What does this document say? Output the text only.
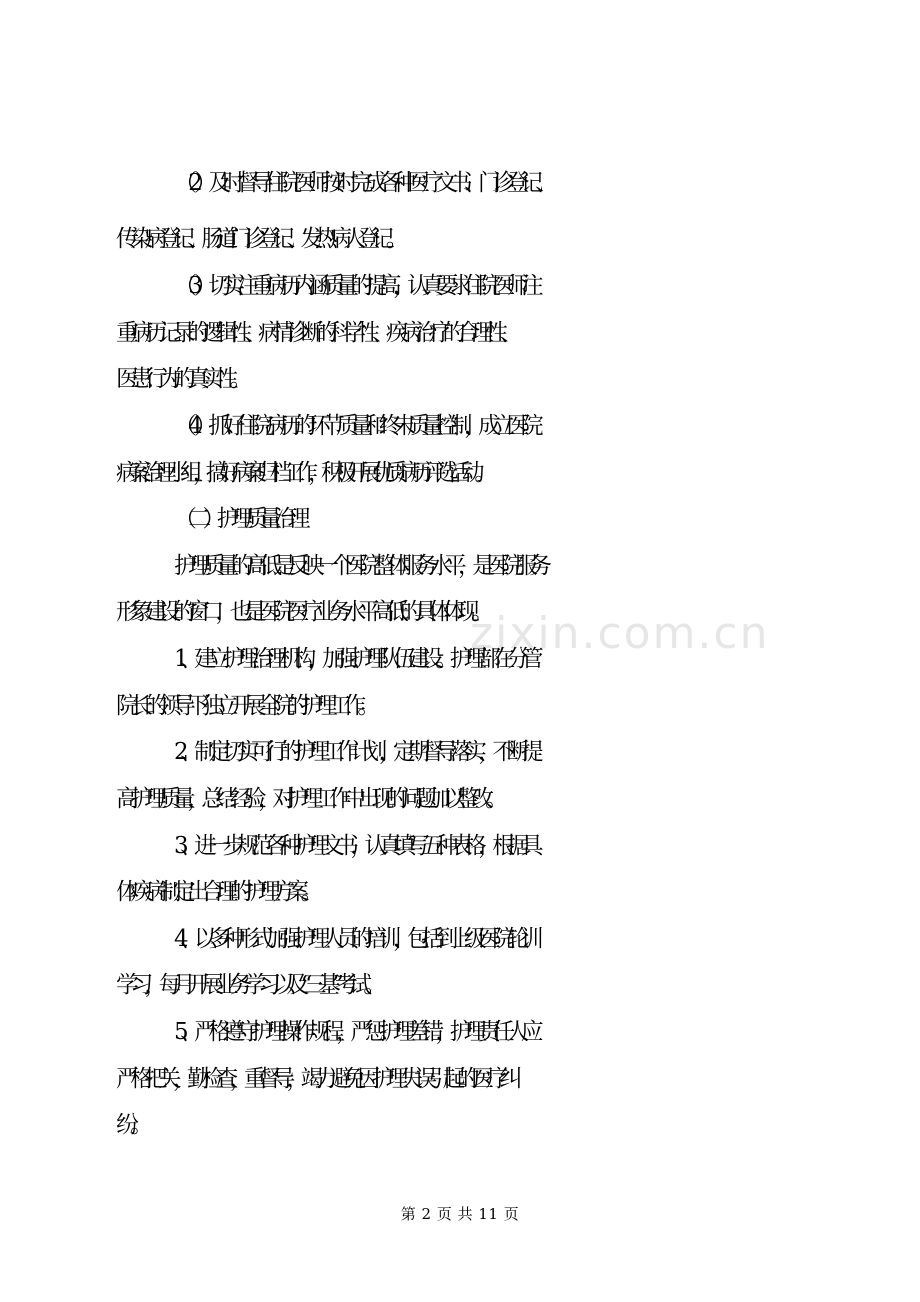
zixin.com.cn
（2）及时督导住院医师按时完成各种医疗文书、门诊登记、
传染病登记、肠道门诊登记、发热病人登记。
（3）切实注重病历内涵质量的提高，认真要求住院医师注
重病历记录的逻辑性、病情诊断的科学性、疾病治疗的合理性、
医患行为的真实性。
（4）抓好住院病历的环节质量和终末质量控制，成立医院
病案治理小组，搞好病案归档工作，积极开展优质病历评选活动。
（二）护理质量治理
护理质量的高低是反映一个医院整体服务水平，是医院服务
形象建设的窗口，也是医院医疗业务水平高低的具体体现。
1、建立护理治理机构，加强护理队伍建设。护理部在分管
院长的领导下独立开展全院的护理工作。
2、制定切实可行的护理工作计划，定期督导落实，不断提
高护理质量，总结经验，对护理工作中出现的问题加以整改。
3、进一步规范各种护理文书，认真填写五种表格，根据具
体疾病制定出合理的护理方案。
4、以多种形式加强护理人员的培训，包括到上级医院轮训
学习，每月开展业务学习以及“三基”考试。
5、严格遵守护理操作规程，严惩护理差错，护理责任人应
严格把关，勤检查，重督导，竭力避免因护理失误引起的医疗纠
纷。
第 2 页 共 11 页
